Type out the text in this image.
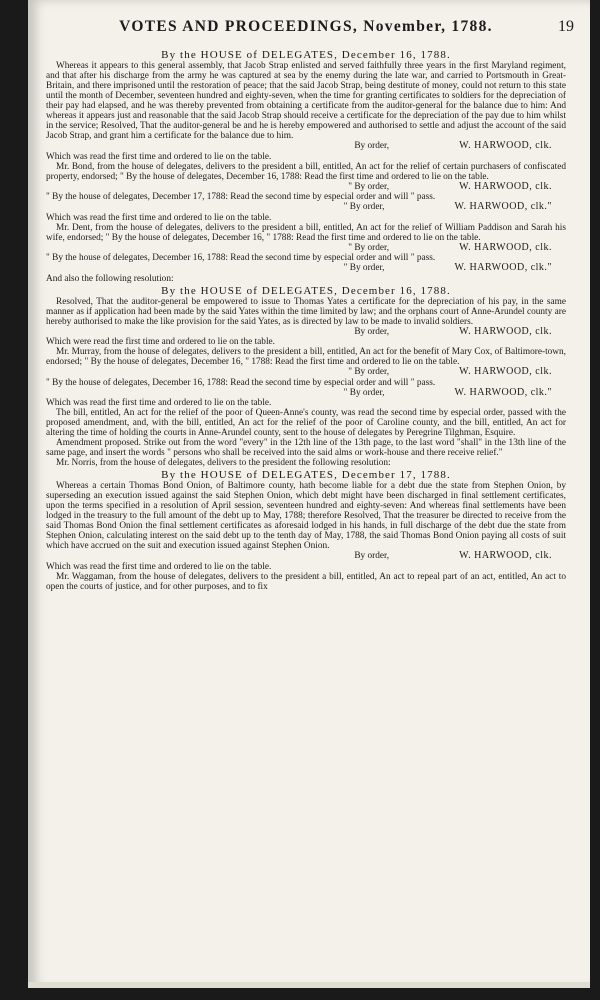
VOTES AND PROCEEDINGS, November, 1788.	19
By the HOUSE of DELEGATES, December 16, 1788.

Whereas it appears to this general assembly, that Jacob Strap enlisted and served faithfully three years in the first Maryland regiment, and that after his discharge from the army he was captured at sea by the enemy during the late war, and carried to Portsmouth in Great-Britain, and there imprisoned until the restoration of peace; that the said Jacob Strap, being destitute of money, could not return to this state until the month of December, seventeen hundred and eighty-seven, when the time for granting certificates to soldiers for the depreciation of their pay had elapsed, and he was thereby prevented from obtaining a certificate from the auditor-general for the balance due to him: And whereas it appears just and reasonable that the said Jacob Strap should receive a certificate for the depreciation of the pay due to him whilst in the service; Resolved, That the auditor-general be and he is hereby empowered and authorised to settle and adjust the account of the said Jacob Strap, and grant him a certificate for the balance due to him.

By order,	W. HARWOOD, clk.

Which was read the first time and ordered to lie on the table.

Mr. Bond, from the house of delegates, delivers to the president a bill, entitled, An act for the relief of certain purchasers of confiscated property, endorsed; " By the house of delegates, December 16, 1788: Read the first time and ordered to lie on the table.

" By order,	W. HARWOOD, clk.

" By the house of delegates, December 17, 1788: Read the second time by especial order and will " pass.

" By order,	W. HARWOOD, clk."

Which was read the first time and ordered to lie on the table.

Mr. Dent, from the house of delegates, delivers to the president a bill, entitled, An act for the relief of William Paddison and Sarah his wife, endorsed; " By the house of delegates, December 16, " 1788: Read the first time and ordered to lie on the table.

" By order,	W. HARWOOD, clk.

" By the house of delegates, December 16, 1788: Read the second time by especial order and will " pass.

" By order,	W. HARWOOD, clk."

And also the following resolution:

By the HOUSE of DELEGATES, December 16, 1788.

Resolved, That the auditor-general be empowered to issue to Thomas Yates a certificate for the depreciation of his pay, in the same manner as if application had been made by the said Yates within the time limited by law; and the orphans court of Anne-Arundel county are hereby authorised to make the like provision for the said Yates, as is directed by law to be made to invalid soldiers.

By order,	W. HARWOOD, clk.

Which were read the first time and ordered to lie on the table.

Mr. Murray, from the house of delegates, delivers to the president a bill, entitled, An act for the benefit of Mary Cox, of Baltimore-town, endorsed; " By the house of delegates, December 16, " 1788: Read the first time and ordered to lie on the table.

" By order,	W. HARWOOD, clk.

" By the house of delegates, December 16, 1788: Read the second time by especial order and will " pass.

" By order,	W. HARWOOD, clk."

Which was read the first time and ordered to lie on the table.

The bill, entitled, An act for the relief of the poor of Queen-Anne's county, was read the second time by especial order, passed with the proposed amendment, and, with the bill, entitled, An act for the relief of the poor of Caroline county, and the bill, entitled, An act for altering the time of holding the courts in Anne-Arundel county, sent to the house of delegates by Peregrine Tilghman, Esquire.

Amendment proposed. Strike out from the word "every" in the 12th line of the 13th page, to the last word "shall" in the 13th line of the same page, and insert the words " persons who shall be received into the said alms or work-house and there receive relief."

Mr. Norris, from the house of delegates, delivers to the president the following resolution:

By the HOUSE of DELEGATES, December 17, 1788.

Whereas a certain Thomas Bond Onion, of Baltimore county, hath become liable for a debt due the state from Stephen Onion, by superseding an execution issued against the said Stephen Onion, which debt might have been discharged in final settlement certificates, upon the terms specified in a resolution of April session, seventeen hundred and eighty-seven: And whereas final settlements have been lodged in the treasury to the full amount of the debt up to May, 1788; therefore Resolved, That the treasurer be directed to receive from the said Thomas Bond Onion the final settlement certificates as aforesaid lodged in his hands, in full discharge of the debt due the state from Stephen Onion, calculating interest on the said debt up to the tenth day of May, 1788, the said Thomas Bond Onion paying all costs of suit which have accrued on the suit and execution issued against Stephen Onion.

By order,	W. HARWOOD, clk.

Which was read the first time and ordered to lie on the table.

Mr. Waggaman, from the house of delegates, delivers to the president a bill, entitled, An act to repeal part of an act, entitled, An act to open the courts of justice, and for other purposes, and to fix
